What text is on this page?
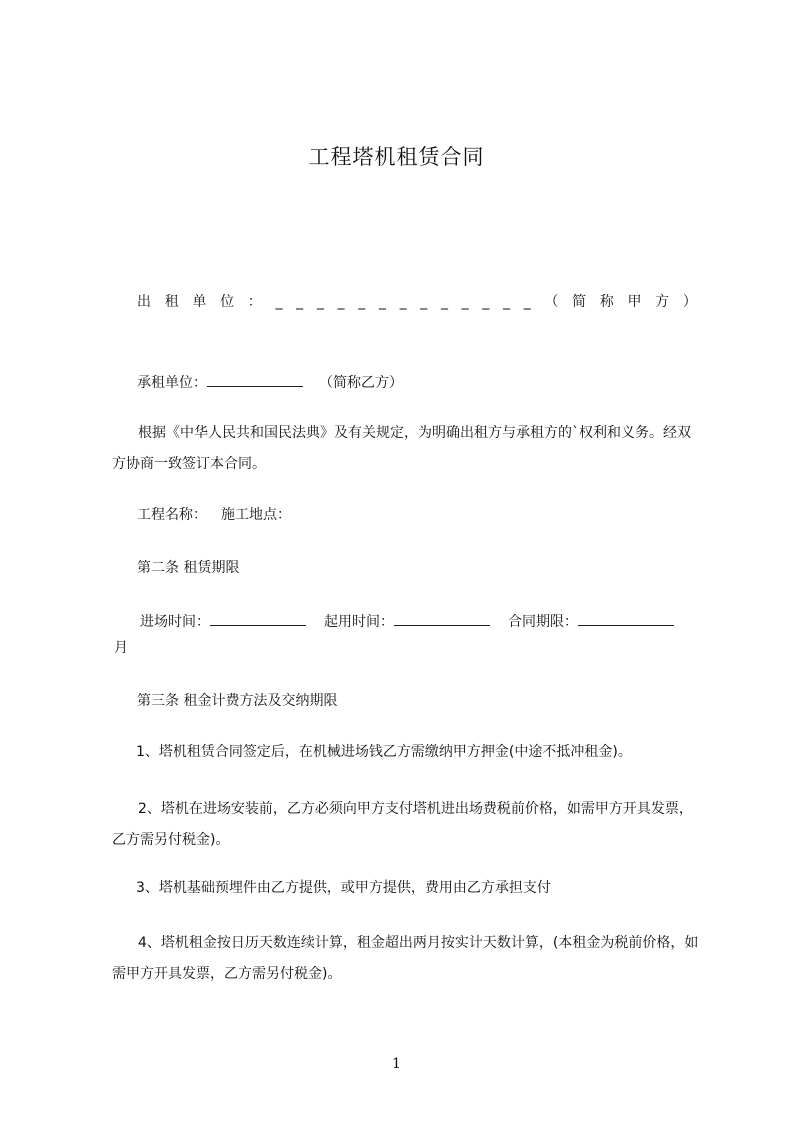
工程塔机租赁合同
出 租 单 位 ： _ _ _ _ _ _ _ _ _ _ _ _ _ （ 简 称 甲 方 ）

承租单位：	（简称乙方）

根据《中华人民共和国民法典》及有关规定，为明确出租方与承租方的`权利和义务。经双方协商一致签订本合同。

工程名称： 施工地点：

第二条 租赁期限

进场时间：	起用时间：	合同期限：

月

第三条 租金计费方法及交纳期限

1、塔机租赁合同签定后，在机械进场钱乙方需缴纳甲方押金(中途不抵冲租金)。

2、塔机在进场安装前，乙方必须向甲方支付塔机进出场费税前价格，如需甲方开具发票，乙方需另付税金)。

3、塔机基础预埋件由乙方提供，或甲方提供，费用由乙方承担支付

4、塔机租金按日历天数连续计算，租金超出两月按实计天数计算，(本租金为税前价格，如需甲方开具发票，乙方需另付税金)。

1
